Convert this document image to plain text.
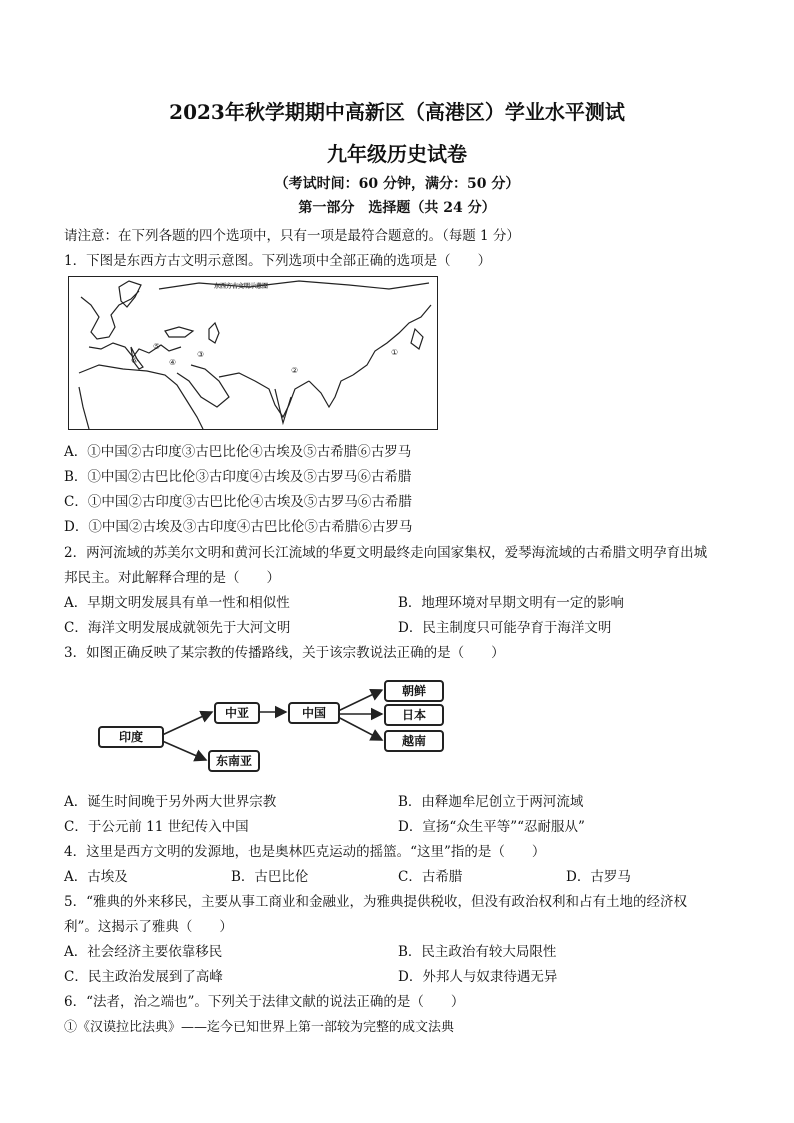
2023年秋学期期中高新区（高港区）学业水平测试
九年级历史试卷
（考试时间：60 分钟，满分：50 分）
第一部分　选择题（共 24 分）
请注意：在下列各题的四个选项中，只有一项是最符合题意的。（每题 1 分）
1．下图是东西方古文明示意图。下列选项中全部正确的选项是（　　）
东西方古文明示意图
①
②
③
④
⑤
⑥
A．①中国②古印度③古巴比伦④古埃及⑤古希腊⑥古罗马
B．①中国②古巴比伦③古印度④古埃及⑤古罗马⑥古希腊
C．①中国②古印度③古巴比伦④古埃及⑤古罗马⑥古希腊
D．①中国②古埃及③古印度④古巴比伦⑤古希腊⑥古罗马
2．两河流域的苏美尔文明和黄河长江流域的华夏文明最终走向国家集权，爱琴海流域的古希腊文明孕育出城
邦民主。对此解释合理的是（　　）
A．早期文明发展具有单一性和相似性	B．地理环境对早期文明有一定的影响
C．海洋文明发展成就领先于大河文明	D．民主制度只可能孕育于海洋文明
3．如图正确反映了某宗教的传播路线，关于该宗教说法正确的是（　　）
印度
中亚	中国
东南亚
朝鲜
日本
越南
A．诞生时间晚于另外两大世界宗教	B．由释迦牟尼创立于两河流域
C．于公元前 11 世纪传入中国	D．宣扬“众生平等”“忍耐服从”
4．这里是西方文明的发源地，也是奥林匹克运动的摇篮。“这里”指的是（　　）
A．古埃及	B．古巴比伦	C．古希腊	D．古罗马
5．“雅典的外来移民，主要从事工商业和金融业，为雅典提供税收，但没有政治权利和占有土地的经济权
利”。这揭示了雅典（　　）
A．社会经济主要依靠移民	B．民主政治有较大局限性
C．民主政治发展到了高峰	D．外邦人与奴隶待遇无异
6．“法者，治之端也”。下列关于法律文献的说法正确的是（　　）
①《汉谟拉比法典》——迄今已知世界上第一部较为完整的成文法典
